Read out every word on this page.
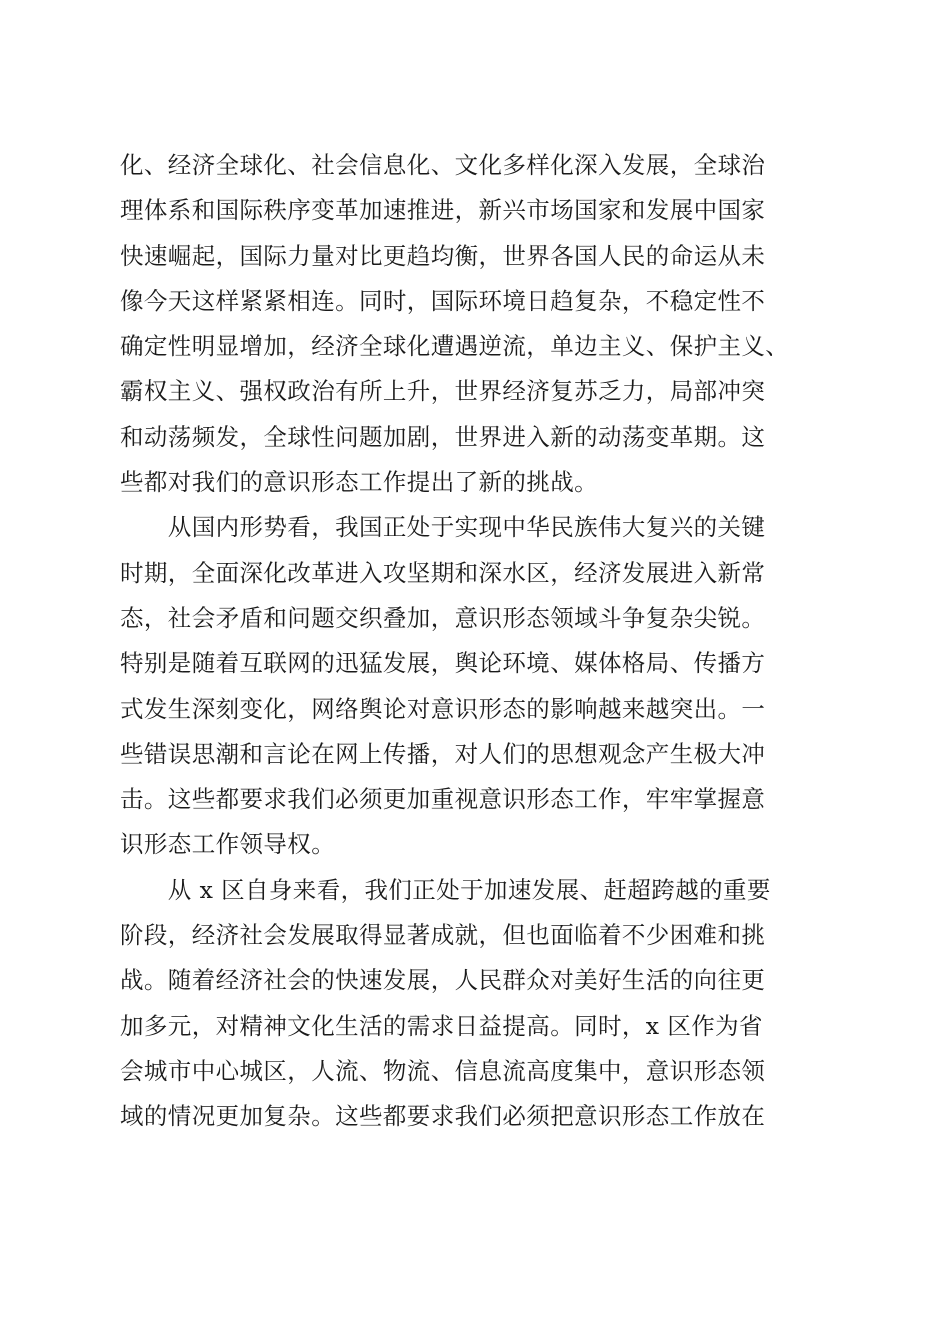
化、经济全球化、社会信息化、文化多样化深入发展，全球治
理体系和国际秩序变革加速推进，新兴市场国家和发展中国家
快速崛起，国际力量对比更趋均衡，世界各国人民的命运从未
像今天这样紧紧相连。同时，国际环境日趋复杂，不稳定性不
确定性明显增加，经济全球化遭遇逆流，单边主义、保护主义、
霸权主义、强权政治有所上升，世界经济复苏乏力，局部冲突
和动荡频发，全球性问题加剧，世界进入新的动荡变革期。这
些都对我们的意识形态工作提出了新的挑战。
　　从国内形势看，我国正处于实现中华民族伟大复兴的关键
时期，全面深化改革进入攻坚期和深水区，经济发展进入新常
态，社会矛盾和问题交织叠加，意识形态领域斗争复杂尖锐。
特别是随着互联网的迅猛发展，舆论环境、媒体格局、传播方
式发生深刻变化，网络舆论对意识形态的影响越来越突出。一
些错误思潮和言论在网上传播，对人们的思想观念产生极大冲
击。这些都要求我们必须更加重视意识形态工作，牢牢掌握意
识形态工作领导权。
　　从 x 区自身来看，我们正处于加速发展、赶超跨越的重要
阶段，经济社会发展取得显著成就，但也面临着不少困难和挑
战。随着经济社会的快速发展，人民群众对美好生活的向往更
加多元，对精神文化生活的需求日益提高。同时，x 区作为省
会城市中心城区，人流、物流、信息流高度集中，意识形态领
域的情况更加复杂。这些都要求我们必须把意识形态工作放在
